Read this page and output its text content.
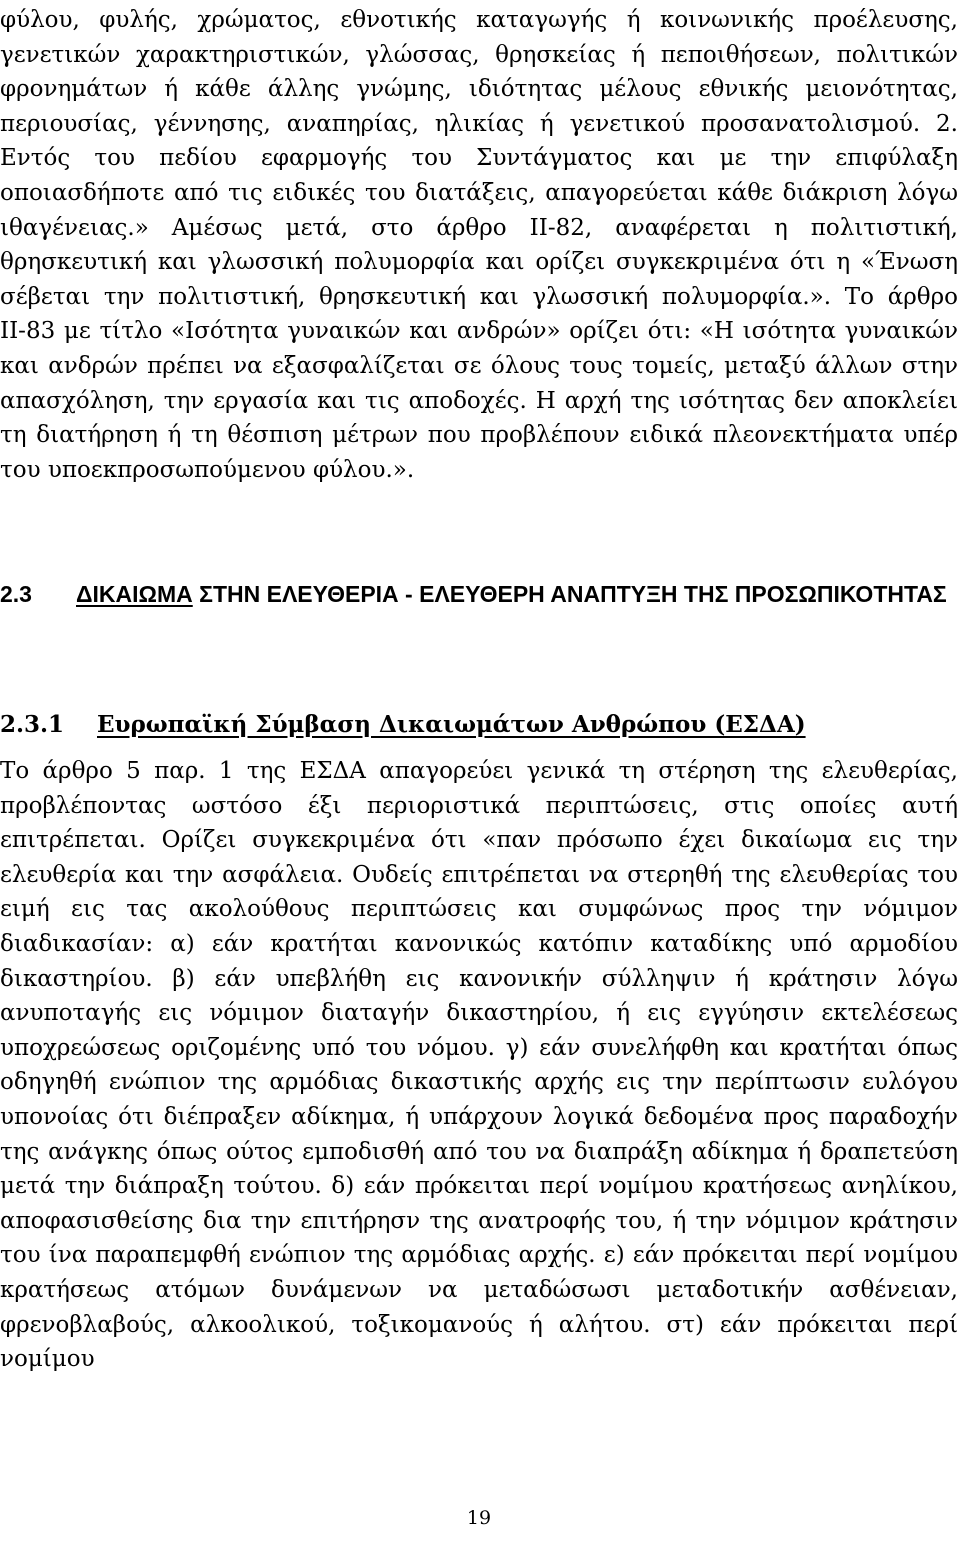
φύλου, φυλής, χρώματος, εθνοτικής καταγωγής ή κοινωνικής προέλευσης, γενετικών χαρακτηριστικών, γλώσσας, θρησκείας ή πεποιθήσεων, πολιτικών φρονημάτων ή κάθε άλλης γνώμης, ιδιότητας μέλους εθνικής μειονότητας, περιουσίας, γέννησης, αναπηρίας, ηλικίας ή γενετικού προσανατολισμού. 2. Εντός του πεδίου εφαρμογής του Συντάγματος και με την επιφύλαξη οποιασδήποτε από τις ειδικές του διατάξεις, απαγορεύεται κάθε διάκριση λόγω ιθαγένειας.» Αμέσως μετά, στο άρθρο ΙΙ-82, αναφέρεται η πολιτιστική, θρησκευτική και γλωσσική πολυμορφία και ορίζει συγκεκριμένα ότι η «Ένωση σέβεται την πολιτιστική, θρησκευτική και γλωσσική πολυμορφία.». Το άρθρο ΙΙ-83 με τίτλο «Ισότητα γυναικών και ανδρών» ορίζει ότι: «Η ισότητα γυναικών και ανδρών πρέπει να εξασφαλίζεται σε όλους τους τομείς, μεταξύ άλλων στην απασχόληση, την εργασία και τις αποδοχές. Η αρχή της ισότητας δεν αποκλείει τη διατήρηση ή τη θέσπιση μέτρων που προβλέπουν ειδικά πλεονεκτήματα υπέρ του υποεκπροσωπούμενου φύλου.».

2.3 ΔΙΚΑΙΩΜΑ ΣΤΗΝ ΕΛΕΥΘΕΡΙΑ - ΕΛΕΥΘΕΡΗ ΑΝΑΠΤΥΞΗ ΤΗΣ ΠΡΟΣΩΠΙΚΟΤΗΤΑΣ
2.3.1 Ευρωπαϊκή Σύμβαση Δικαιωμάτων Ανθρώπου (ΕΣΔΑ)

Το άρθρο 5 παρ. 1 της ΕΣΔΑ απαγορεύει γενικά τη στέρηση της ελευθερίας, προβλέποντας ωστόσο έξι περιοριστικά περιπτώσεις, στις οποίες αυτή επιτρέπεται. Ορίζει συγκεκριμένα ότι «παν πρόσωπο έχει δικαίωμα εις την ελευθερία και την ασφάλεια. Ουδείς επιτρέπεται να στερηθή της ελευθερίας του ειμή εις τας ακολούθους περιπτώσεις και συμφώνως προς την νόμιμον διαδικασίαν: α) εάν κρατήται κανονικώς κατόπιν καταδίκης υπό αρμοδίου δικαστηρίου. β) εάν υπεβλήθη εις κανονικήν σύλληψιν ή κράτησιν λόγω ανυποταγής εις νόμιμον διαταγήν δικαστηρίου, ή εις εγγύησιν εκτελέσεως υποχρεώσεως οριζομένης υπό του νόμου. γ) εάν συνελήφθη και κρατήται όπως οδηγηθή ενώπιον της αρμόδιας δικαστικής αρχής εις την περίπτωσιν ευλόγου υπονοίας ότι διέπραξεν αδίκημα, ή υπάρχουν λογικά δεδομένα προς παραδοχήν της ανάγκης όπως ούτος εμποδισθή από του να διαπράξη αδίκημα ή δραπετεύση μετά την διάπραξη τούτου. δ) εάν πρόκειται περί νομίμου κρατήσεως ανηλίκου, αποφασισθείσης δια την επιτήρησν της ανατροφής του, ή την νόμιμον κράτησιν του ίνα παραπεμφθή ενώπιον της αρμόδιας αρχής. ε) εάν πρόκειται περί νομίμου κρατήσεως ατόμων δυνάμενων να μεταδώσωσι μεταδοτικήν ασθένειαν, φρενοβλαβούς, αλκοολικού, τοξικομανούς ή αλήτου. στ) εάν πρόκειται περί νομίμου

19
